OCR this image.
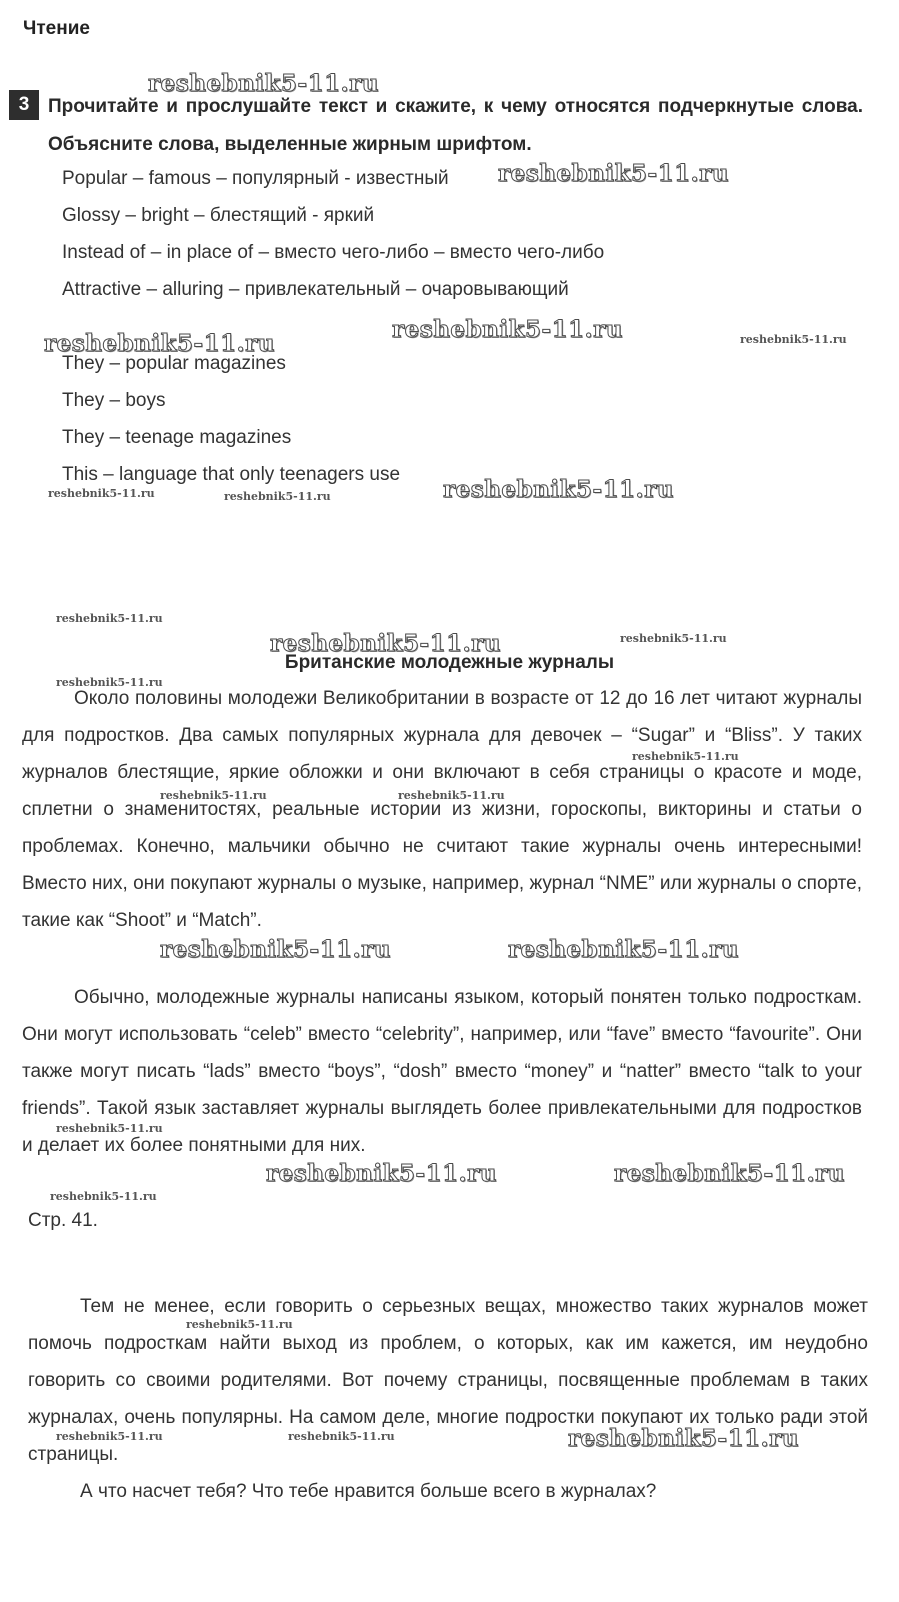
Чтение
3 Прочитайте и прослушайте текст и скажите, к чему относятся подчеркнутые слова. Объясните слова, выделенные жирным шрифтом.
Popular – famous – популярный - известный
Glossy – bright – блестящий - яркий
Instead of – in place of – вместо чего-либо – вместо чего-либо
Attractive – alluring – привлекательный – очаровывающий
They – popular magazines
They – boys
They – teenage magazines
This – language that only teenagers use
Британские молодежные журналы

Около половины молодежи Великобритании в возрасте от 12 до 16 лет читают журналы для подростков. Два самых популярных журнала для девочек – “Sugar” и “Bliss”. У таких журналов блестящие, яркие обложки и они включают в себя страницы о красоте и моде, сплетни о знаменитостях, реальные истории из жизни, гороскопы, викторины и статьи о проблемах. Конечно, мальчики обычно не считают такие журналы очень интересными! Вместо них, они покупают журналы о музыке, например, журнал “NME” или журналы о спорте, такие как “Shoot” и “Match”.

Обычно, молодежные журналы написаны языком, который понятен только подросткам. Они могут использовать “celeb” вместо “celebrity”, например, или “fave” вместо “favourite”. Они также могут писать “lads” вместо “boys”, “dosh” вместо “money” и “natter” вместо “talk to your friends”. Такой язык заставляет журналы выглядеть более привлекательными для подростков и делает их более понятными для них.

Стр. 41.

Тем не менее, если говорить о серьезных вещах, множество таких журналов может помочь подросткам найти выход из проблем, о которых, как им кажется, им неудобно говорить со своими родителями. Вот почему страницы, посвященные проблемам в таких журналах, очень популярны. На самом деле, многие подростки покупают их только ради этой страницы.

А что насчет тебя? Что тебе нравится больше всего в журналах?

reshebnik5-11.ru
reshebnik5-11.ru
reshebnik5-11.ru
reshebnik5-11.ru	reshebnik5-11.ru
reshebnik5-11.ru
reshebnik5-11.ru	reshebnik5-11.ru
reshebnik5-11.ru
reshebnik5-11.ru	reshebnik5-11.ru
reshebnik5-11.ru
reshebnik5-11.ru
reshebnik5-11.ru	reshebnik5-11.ru
reshebnik5-11.ru	reshebnik5-11.ru
reshebnik5-11.ru
reshebnik5-11.ru	reshebnik5-11.ru
reshebnik5-11.ru
reshebnik5-11.ru
reshebnik5-11.ru	reshebnik5-11.ru	reshebnik5-11.ru
